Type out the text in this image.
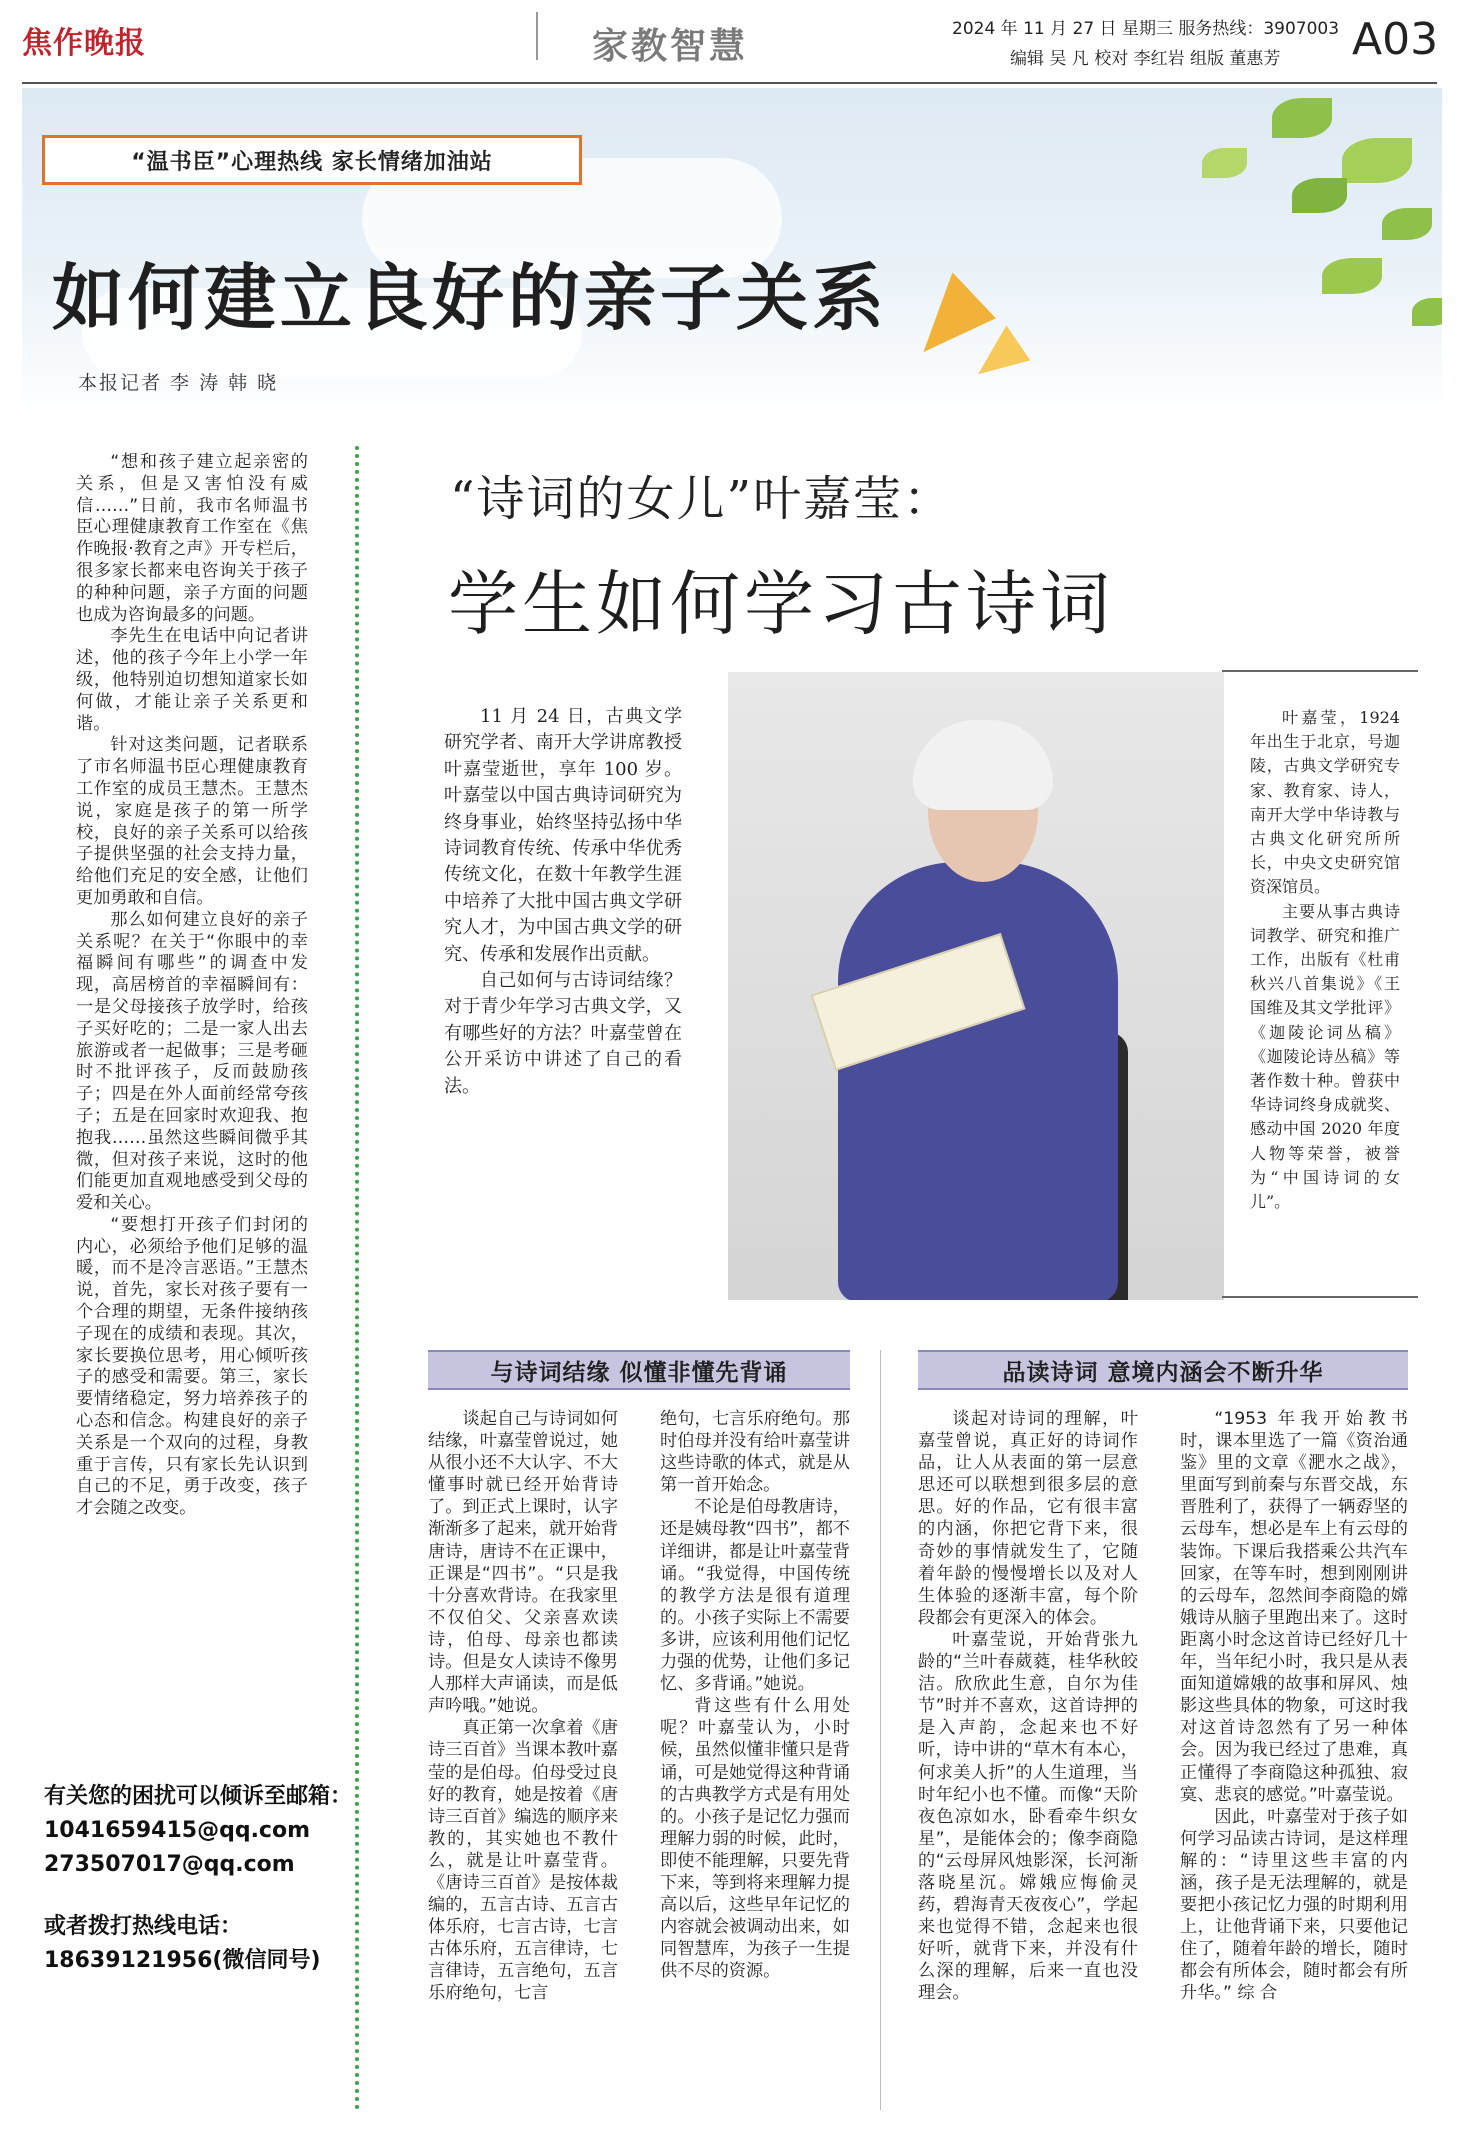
焦作晚报	家教智慧	2024 年 11 月 27 日 星期三 服务热线：3907003
编辑 吴 凡 校对 李红岩 组版 董惠芳 A03
“温书臣”心理热线 家长情绪加油站
如何建立良好的亲子关系
本报记者 李 涛 韩 晓

“想和孩子建立起亲密的关系，但是又害怕没有威信……”日前，我市名师温书臣心理健康教育工作室在《焦作晚报·教育之声》开专栏后，很多家长都来电咨询关于孩子的种种问题，亲子方面的问题也成为咨询最多的问题。

李先生在电话中向记者讲述，他的孩子今年上小学一年级，他特别迫切想知道家长如何做，才能让亲子关系更和谐。

针对这类问题，记者联系了市名师温书臣心理健康教育工作室的成员王慧杰。王慧杰说，家庭是孩子的第一所学校，良好的亲子关系可以给孩子提供坚强的社会支持力量，给他们充足的安全感，让他们更加勇敢和自信。

那么如何建立良好的亲子关系呢？在关于“你眼中的幸福瞬间有哪些”的调查中发现，高居榜首的幸福瞬间有：一是父母接孩子放学时，给孩子买好吃的；二是一家人出去旅游或者一起做事；三是考砸时不批评孩子，反而鼓励孩子；四是在外人面前经常夸孩子；五是在回家时欢迎我、抱抱我……虽然这些瞬间微乎其微，但对孩子来说，这时的他们能更加直观地感受到父母的爱和关心。

“要想打开孩子们封闭的内心，必须给予他们足够的温暖，而不是冷言恶语。”王慧杰说，首先，家长对孩子要有一个合理的期望，无条件接纳孩子现在的成绩和表现。其次，家长要换位思考，用心倾听孩子的感受和需要。第三，家长要情绪稳定，努力培养孩子的心态和信念。构建良好的亲子关系是一个双向的过程，身教重于言传，只有家长先认识到自己的不足，勇于改变，孩子才会随之改变。

有关您的困扰可以倾诉至邮箱：
1041659415@qq.com
273507017@qq.com
或者拨打热线电话：
18639121956(微信同号)
“诗词的女儿”叶嘉莹：
学生如何学习古诗词

11 月 24 日，古典文学研究学者、南开大学讲席教授叶嘉莹逝世，享年 100 岁。叶嘉莹以中国古典诗词研究为终身事业，始终坚持弘扬中华诗词教育传统、传承中华优秀传统文化，在数十年教学生涯中培养了大批中国古典文学研究人才，为中国古典文学的研究、传承和发展作出贡献。

自己如何与古诗词结缘？对于青少年学习古典文学，又有哪些好的方法？叶嘉莹曾在公开采访中讲述了自己的看法。

叶嘉莹，1924 年出生于北京，号迦陵，古典文学研究专家、教育家、诗人，南开大学中华诗教与古典文化研究所所长，中央文史研究馆资深馆员。

主要从事古典诗词教学、研究和推广工作，出版有《杜甫秋兴八首集说》《王国维及其文学批评》《迦陵论词丛稿》《迦陵论诗丛稿》等著作数十种。曾获中华诗词终身成就奖、感动中国 2020 年度人物等荣誉，被誉为“中国诗词的女儿”。

与诗词结缘 似懂非懂先背诵	品读诗词 意境内涵会不断升华

谈起自己与诗词如何结缘，叶嘉莹曾说过，她从很小还不大认字、不大懂事时就已经开始背诗了。到正式上课时，认字渐渐多了起来，就开始背唐诗，唐诗不在正课中，正课是“四书”。“只是我十分喜欢背诗。在我家里不仅伯父、父亲喜欢读诗，伯母、母亲也都读诗。但是女人读诗不像男人那样大声诵读，而是低声吟哦。”她说。

真正第一次拿着《唐诗三百首》当课本教叶嘉莹的是伯母。伯母受过良好的教育，她是按着《唐诗三百首》编选的顺序来教的，其实她也不教什么，就是让叶嘉莹背。《唐诗三百首》是按体裁编的，五言古诗、五言古体乐府，七言古诗，七言古体乐府，五言律诗，七言律诗，五言绝句，五言乐府绝句，七言

绝句，七言乐府绝句。那时伯母并没有给叶嘉莹讲这些诗歌的体式，就是从第一首开始念。

不论是伯母教唐诗，还是姨母教“四书”，都不详细讲，都是让叶嘉莹背诵。“我觉得，中国传统的教学方法是很有道理的。小孩子实际上不需要多讲，应该利用他们记忆力强的优势，让他们多记忆、多背诵。”她说。

背这些有什么用处呢？叶嘉莹认为，小时候，虽然似懂非懂只是背诵，可是她觉得这种背诵的古典教学方式是有用处的。小孩子是记忆力强而理解力弱的时候，此时，即使不能理解，只要先背下来，等到将来理解力提高以后，这些早年记忆的内容就会被调动出来，如同智慧库，为孩子一生提供不尽的资源。

谈起对诗词的理解，叶嘉莹曾说，真正好的诗词作品，让人从表面的第一层意思还可以联想到很多层的意思。好的作品，它有很丰富的内涵，你把它背下来，很奇妙的事情就发生了，它随着年龄的慢慢增长以及对人生体验的逐渐丰富，每个阶段都会有更深入的体会。

叶嘉莹说，开始背张九龄的“兰叶春葳蕤，桂华秋皎洁。欣欣此生意，自尔为佳节”时并不喜欢，这首诗押的是入声韵，念起来也不好听，诗中讲的“草木有本心，何求美人折”的人生道理，当时年纪小也不懂。而像“天阶夜色凉如水，卧看牵牛织女星”，是能体会的；像李商隐的“云母屏风烛影深，长河渐落晓星沉。嫦娥应悔偷灵药，碧海青天夜夜心”，学起来也觉得不错，念起来也很好听，就背下来，并没有什么深的理解，后来一直也没理会。

“1953 年我开始教书时，课本里选了一篇《资治通鉴》里的文章《淝水之战》，里面写到前秦与东晋交战，东晋胜利了，获得了一辆孬坚的云母车，想必是车上有云母的装饰。下课后我搭乘公共汽车回家，在等车时，想到刚刚讲的云母车，忽然间李商隐的嫦娥诗从脑子里跑出来了。这时距离小时念这首诗已经好几十年，当年纪小时，我只是从表面知道嫦娥的故事和屏风、烛影这些具体的物象，可这时我对这首诗忽然有了另一种体会。因为我已经过了患难，真正懂得了李商隐这种孤独、寂寞、悲哀的感觉。”叶嘉莹说。

因此，叶嘉莹对于孩子如何学习品读古诗词，是这样理解的：“诗里这些丰富的内涵，孩子是无法理解的，就是要把小孩记忆力强的时期利用上，让他背诵下来，只要他记住了，随着年龄的增长，随时都会有所体会，随时都会有所升华。” 综 合
